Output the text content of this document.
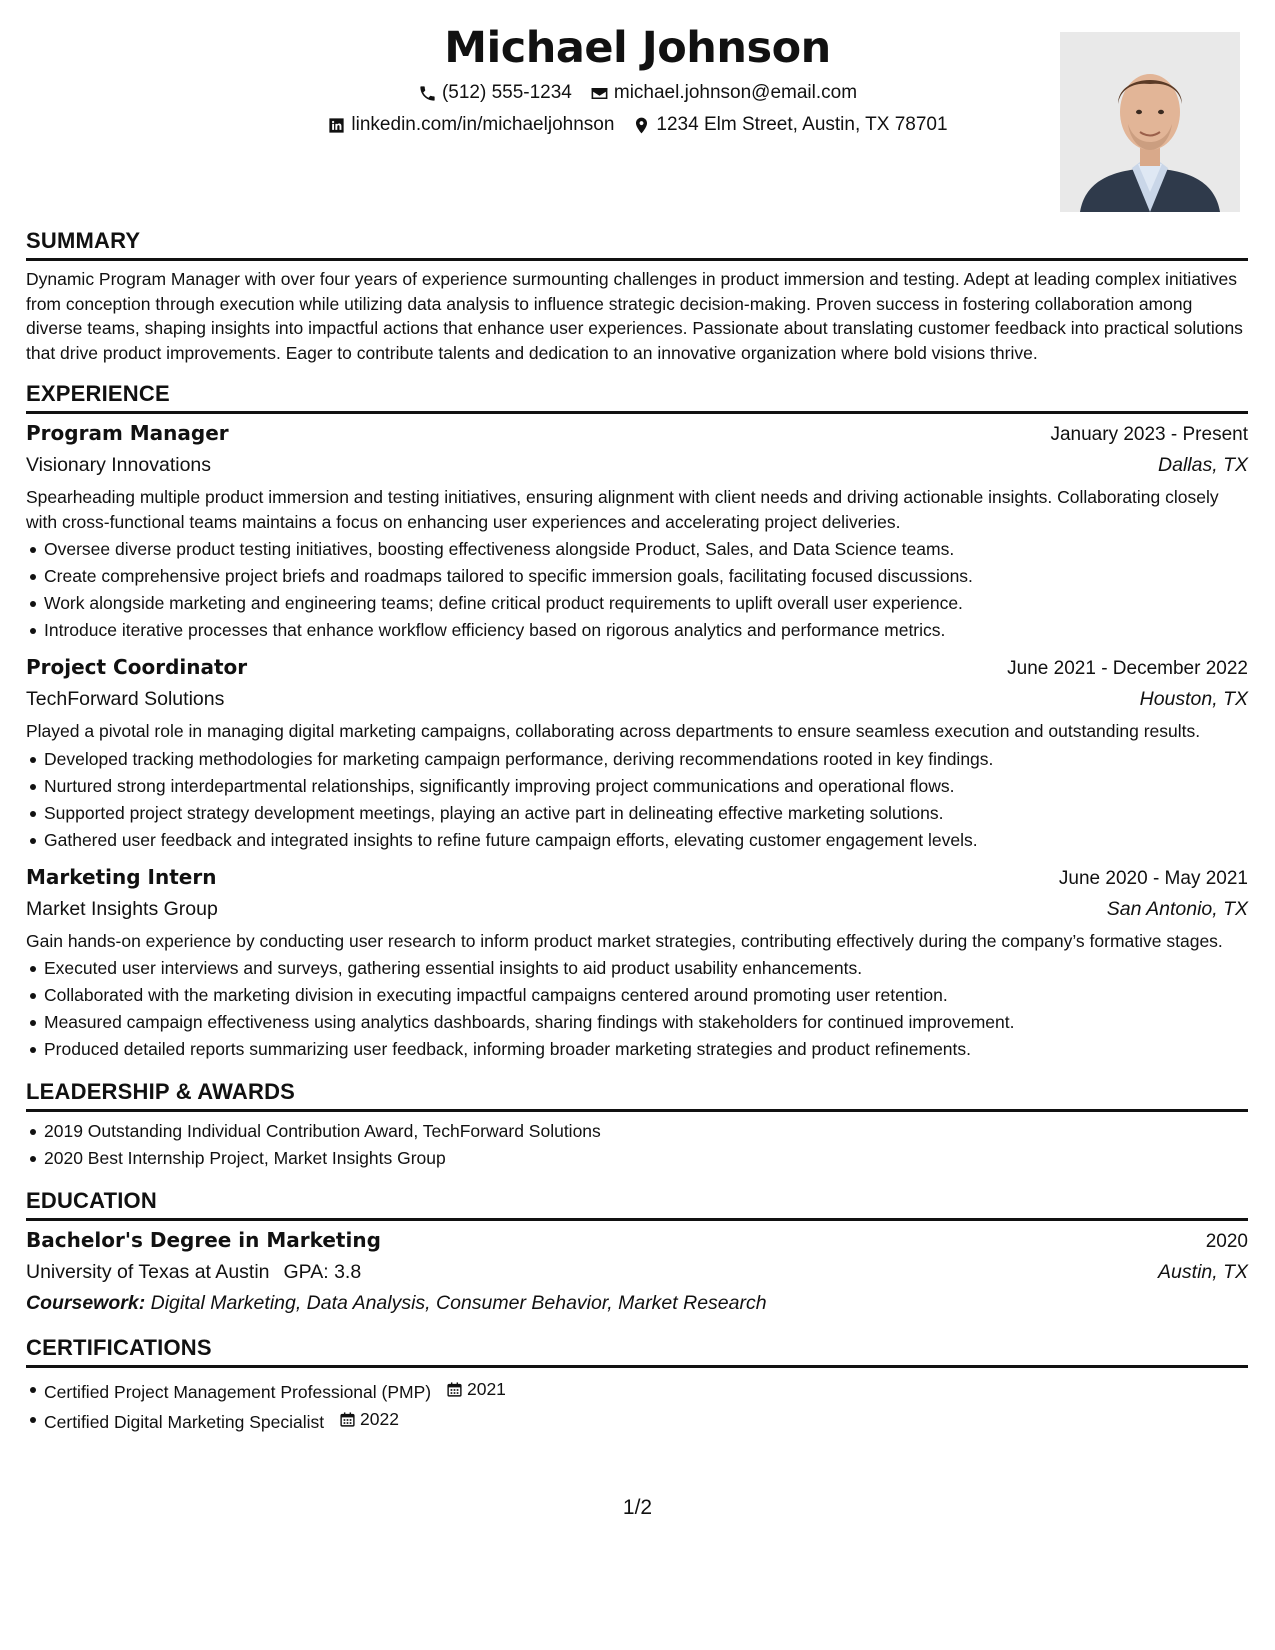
Michael Johnson
(512) 555-1234 michael.johnson@email.com
linkedin.com/in/michaeljohnson 1234 Elm Street, Austin, TX 78701
SUMMARY
Dynamic Program Manager with over four years of experience surmounting challenges in product immersion and testing. Adept at leading complex initiatives from conception through execution while utilizing data analysis to influence strategic decision-making. Proven success in fostering collaboration among diverse teams, shaping insights into impactful actions that enhance user experiences. Passionate about translating customer feedback into practical solutions that drive product improvements. Eager to contribute talents and dedication to an innovative organization where bold visions thrive.
EXPERIENCE
Program Manager	January 2023 - Present
Visionary Innovations	Dallas, TX
Spearheading multiple product immersion and testing initiatives, ensuring alignment with client needs and driving actionable insights. Collaborating closely with cross-functional teams maintains a focus on enhancing user experiences and accelerating project deliveries.
Oversee diverse product testing initiatives, boosting effectiveness alongside Product, Sales, and Data Science teams.
Create comprehensive project briefs and roadmaps tailored to specific immersion goals, facilitating focused discussions.
Work alongside marketing and engineering teams; define critical product requirements to uplift overall user experience.
Introduce iterative processes that enhance workflow efficiency based on rigorous analytics and performance metrics.
Project Coordinator	June 2021 - December 2022
TechForward Solutions	Houston, TX
Played a pivotal role in managing digital marketing campaigns, collaborating across departments to ensure seamless execution and outstanding results.
Developed tracking methodologies for marketing campaign performance, deriving recommendations rooted in key findings.
Nurtured strong interdepartmental relationships, significantly improving project communications and operational flows.
Supported project strategy development meetings, playing an active part in delineating effective marketing solutions.
Gathered user feedback and integrated insights to refine future campaign efforts, elevating customer engagement levels.
Marketing Intern	June 2020 - May 2021
Market Insights Group	San Antonio, TX
Gain hands-on experience by conducting user research to inform product market strategies, contributing effectively during the company’s formative stages.
Executed user interviews and surveys, gathering essential insights to aid product usability enhancements.
Collaborated with the marketing division in executing impactful campaigns centered around promoting user retention.
Measured campaign effectiveness using analytics dashboards, sharing findings with stakeholders for continued improvement.
Produced detailed reports summarizing user feedback, informing broader marketing strategies and product refinements.
LEADERSHIP & AWARDS
2019 Outstanding Individual Contribution Award, TechForward Solutions
2020 Best Internship Project, Market Insights Group
EDUCATION
Bachelor's Degree in Marketing	2020
University of Texas at Austin GPA: 3.8	Austin, TX
Coursework: Digital Marketing, Data Analysis, Consumer Behavior, Market Research
CERTIFICATIONS
Certified Project Management Professional (PMP) 2021
Certified Digital Marketing Specialist 2022
1/2
